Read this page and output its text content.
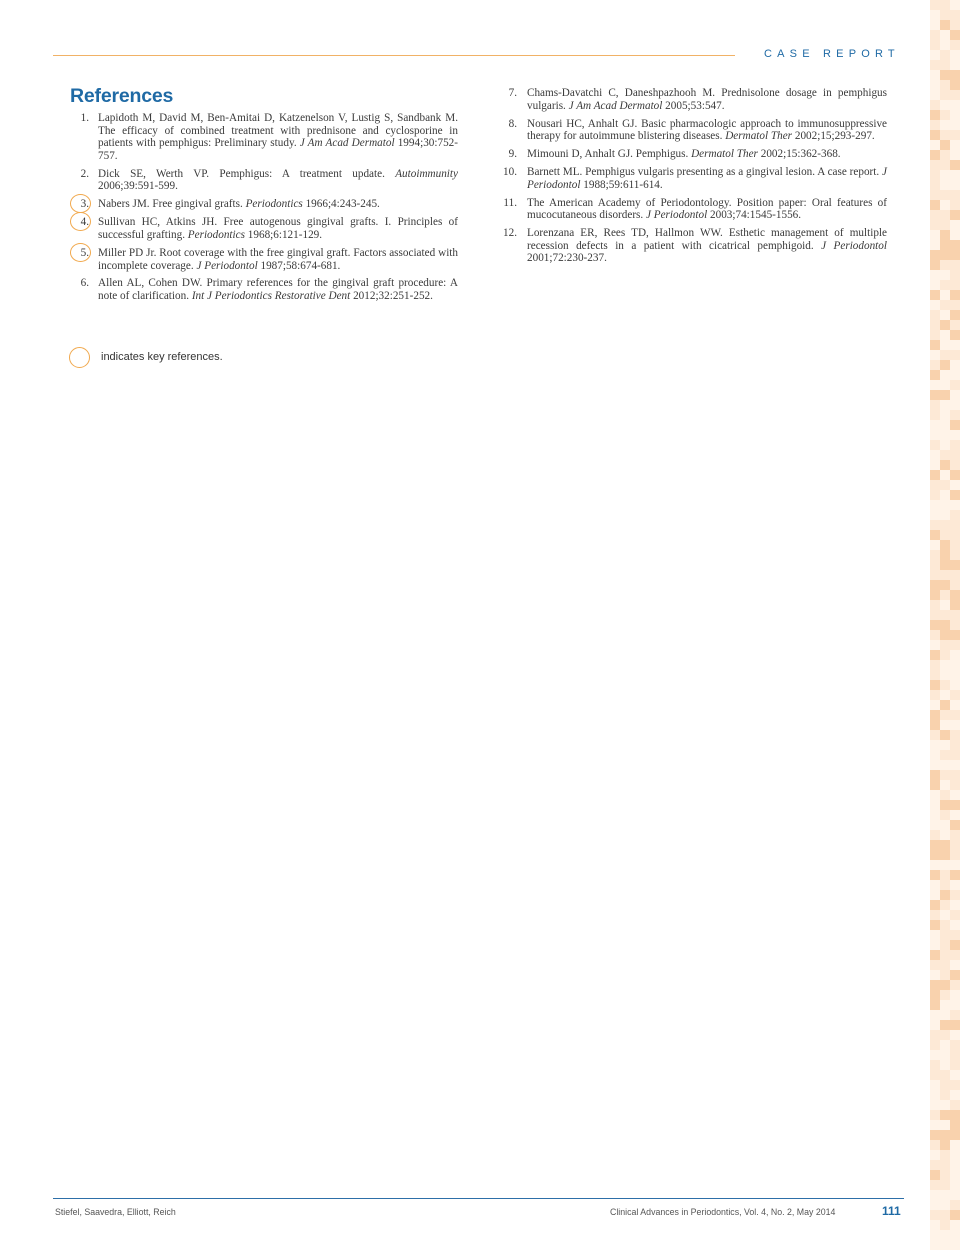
CASE REPORT
References
1. Lapidoth M, David M, Ben-Amitai D, Katzenelson V, Lustig S, Sandbank M. The efficacy of combined treatment with prednisone and cyclosporine in patients with pemphigus: Preliminary study. J Am Acad Dermatol 1994;30:752-757.
2. Dick SE, Werth VP. Pemphigus: A treatment update. Autoimmunity 2006;39:591-599.
3. Nabers JM. Free gingival grafts. Periodontics 1966;4:243-245.
4. Sullivan HC, Atkins JH. Free autogenous gingival grafts. I. Principles of successful grafting. Periodontics 1968;6:121-129.
5. Miller PD Jr. Root coverage with the free gingival graft. Factors associated with incomplete coverage. J Periodontol 1987;58:674-681.
6. Allen AL, Cohen DW. Primary references for the gingival graft procedure: A note of clarification. Int J Periodontics Restorative Dent 2012;32:251-252.
7. Chams-Davatchi C, Daneshpazhooh M. Prednisolone dosage in pemphigus vulgaris. J Am Acad Dermatol 2005;53:547.
8. Nousari HC, Anhalt GJ. Basic pharmacologic approach to immunosuppressive therapy for autoimmune blistering diseases. Dermatol Ther 2002;15;293-297.
9. Mimouni D, Anhalt GJ. Pemphigus. Dermatol Ther 2002;15:362-368.
10. Barnett ML. Pemphigus vulgaris presenting as a gingival lesion. A case report. J Periodontol 1988;59:611-614.
11. The American Academy of Periodontology. Position paper: Oral features of mucocutaneous disorders. J Periodontol 2003;74:1545-1556.
12. Lorenzana ER, Rees TD, Hallmon WW. Esthetic management of multiple recession defects in a patient with cicatrical pemphigoid. J Periodontol 2001;72:230-237.
indicates key references.
Stiefel, Saavedra, Elliott, Reich	Clinical Advances in Periodontics, Vol. 4, No. 2, May 2014	111
